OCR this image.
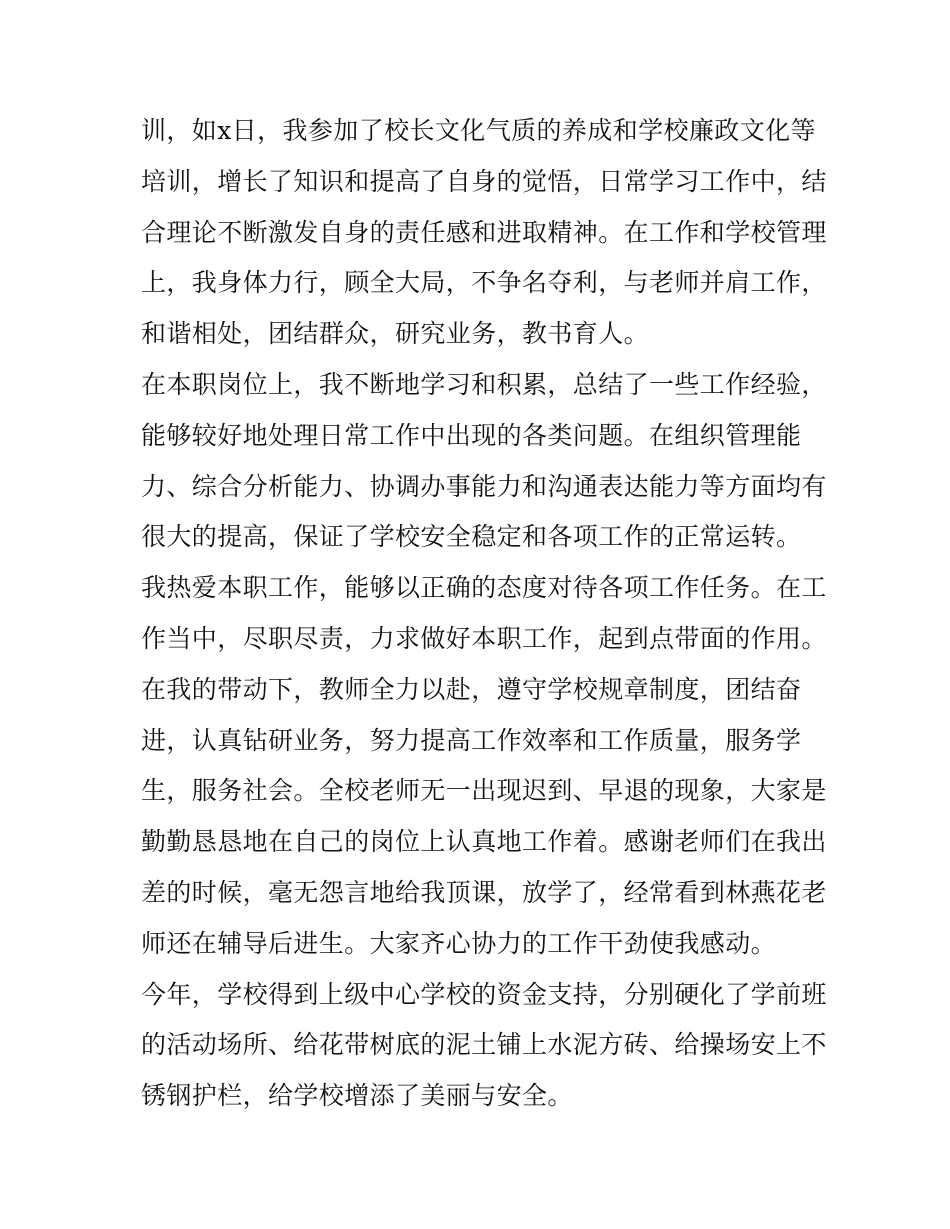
训，如x日，我参加了校长文化气质的养成和学校廉政文化等
培训，增长了知识和提高了自身的觉悟，日常学习工作中，结
合理论不断激发自身的责任感和进取精神。在工作和学校管理
上，我身体力行，顾全大局，不争名夺利，与老师并肩工作，
和谐相处，团结群众，研究业务，教书育人。

在本职岗位上，我不断地学习和积累，总结了一些工作经验，
能够较好地处理日常工作中出现的各类问题。在组织管理能
力、综合分析能力、协调办事能力和沟通表达能力等方面均有
很大的提高，保证了学校安全稳定和各项工作的正常运转。

我热爱本职工作，能够以正确的态度对待各项工作任务。在工
作当中，尽职尽责，力求做好本职工作，起到点带面的作用。
在我的带动下，教师全力以赴，遵守学校规章制度，团结奋
进，认真钻研业务，努力提高工作效率和工作质量，服务学
生，服务社会。全校老师无一出现迟到、早退的现象，大家是
勤勤恳恳地在自己的岗位上认真地工作着。感谢老师们在我出
差的时候，毫无怨言地给我顶课，放学了，经常看到林燕花老
师还在辅导后进生。大家齐心协力的工作干劲使我感动。

今年，学校得到上级中心学校的资金支持，分别硬化了学前班
的活动场所、给花带树底的泥土铺上水泥方砖、给操场安上不
锈钢护栏，给学校增添了美丽与安全。
